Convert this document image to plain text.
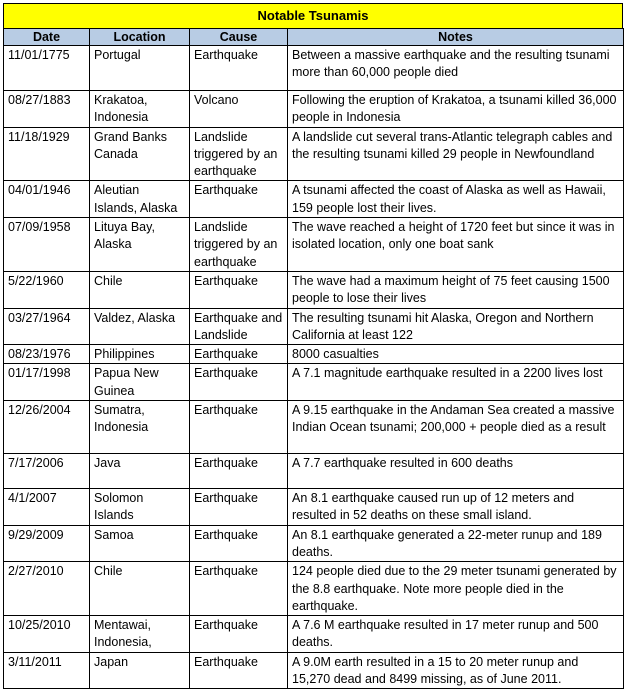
Notable Tsunamis
Date	Location	Cause	Notes
11/01/1775	Portugal	Earthquake	Between a massive earthquake and the resulting tsunami more than 60,000 people died
08/27/1883	Krakatoa, Indonesia	Volcano	Following the eruption of Krakatoa, a tsunami killed 36,000 people in Indonesia
11/18/1929	Grand Banks Canada	Landslide triggered by an earthquake	A landslide cut several trans-Atlantic telegraph cables and the resulting tsunami killed 29 people in Newfoundland
04/01/1946	Aleutian Islands, Alaska	Earthquake	A tsunami affected the coast of Alaska as well as Hawaii, 159 people lost their lives.
07/09/1958	Lituya Bay, Alaska	Landslide triggered by an earthquake	The wave reached a height of 1720 feet but since it was in isolated location, only one boat sank
5/22/1960	Chile	Earthquake	The wave had a maximum height of 75 feet causing 1500 people to lose their lives
03/27/1964	Valdez, Alaska	Earthquake and Landslide	The resulting tsunami hit Alaska, Oregon and Northern California at least 122
08/23/1976	Philippines	Earthquake	8000 casualties
01/17/1998	Papua New Guinea	Earthquake	A 7.1 magnitude earthquake resulted in a 2200 lives lost
12/26/2004	Sumatra, Indonesia	Earthquake	A 9.15 earthquake in the Andaman Sea created a massive Indian Ocean tsunami; 200,000 + people died as a result
7/17/2006	Java	Earthquake	A 7.7 earthquake resulted in 600 deaths
4/1/2007	Solomon Islands	Earthquake	An 8.1 earthquake caused run up of 12 meters and resulted in 52 deaths on these small island.
9/29/2009	Samoa	Earthquake	An 8.1 earthquake generated a 22-meter runup and 189 deaths.
2/27/2010	Chile	Earthquake	124 people died due to the 29 meter tsunami generated by the 8.8 earthquake. Note more people died in the earthquake.
10/25/2010	Mentawai, Indonesia,	Earthquake	A 7.6 M earthquake resulted in 17 meter runup and 500 deaths.
3/11/2011	Japan	Earthquake	A 9.0M earth resulted in a 15 to 20 meter runup and 15,270 dead and 8499 missing, as of June 2011.
